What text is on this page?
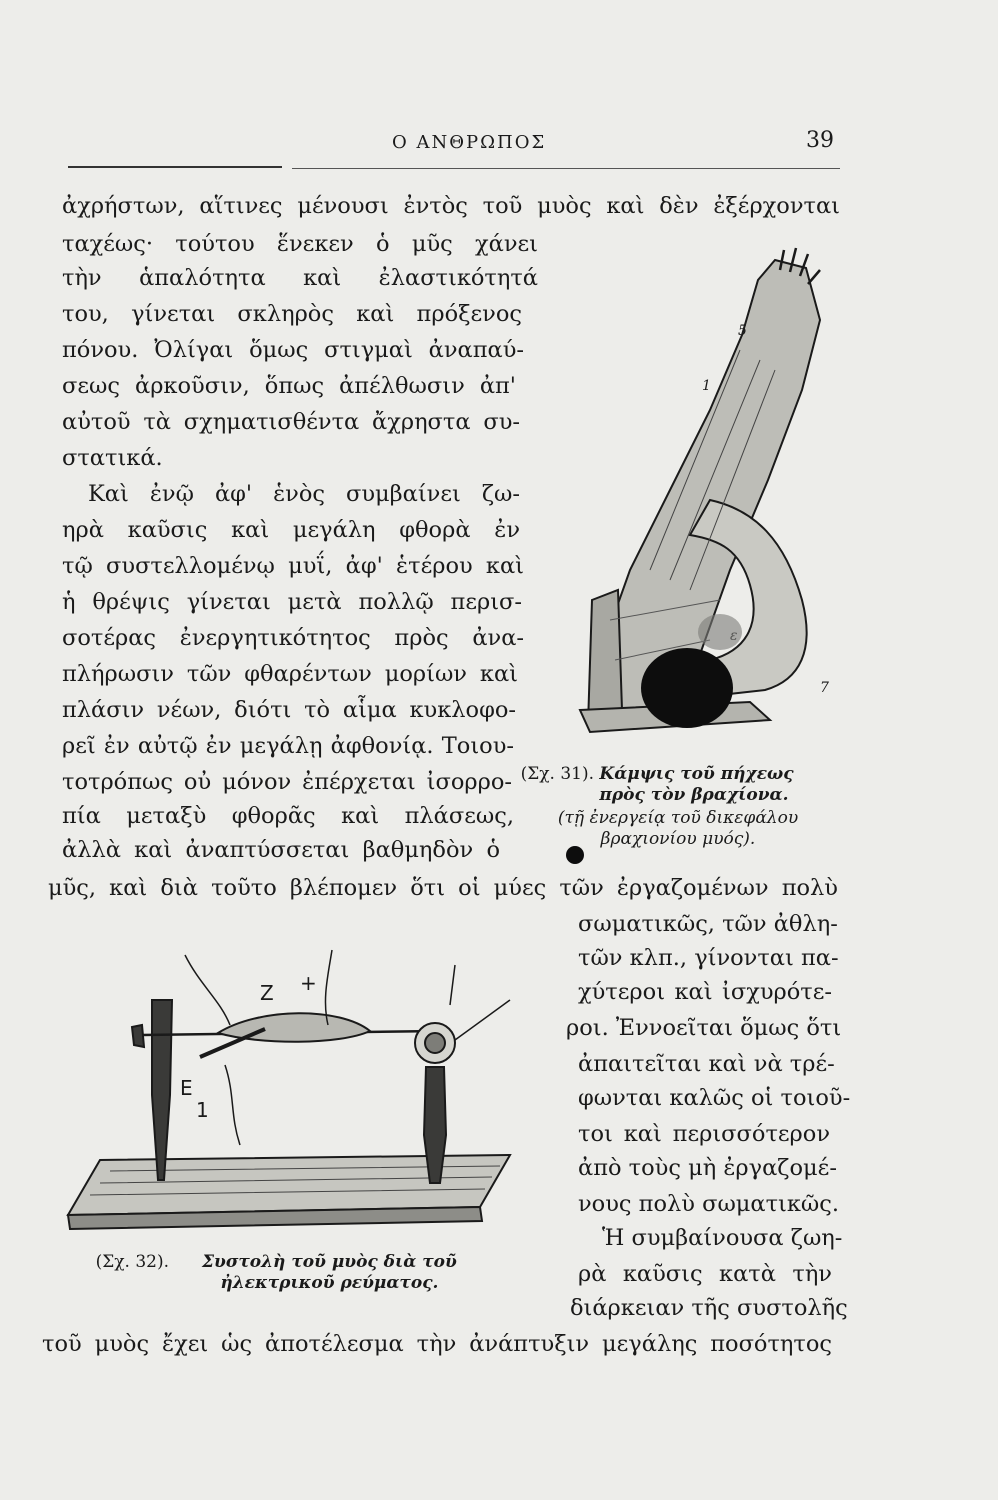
Ο ΑΝΘΡΩΠΟΣ	39
ἀχρήστων, αἵτινες μένουσι ἐντὸς τοῦ μυὸς καὶ δὲν ἐξέρχονται
ταχέως· τούτου ἕνεκεν ὁ μῦς χάνει
τὴν ἁπαλότητα καὶ ἐλαστικότητά
του, γίνεται σκληρὸς καὶ πρόξενος
πόνου. Ὀλίγαι ὅμως στιγμαὶ ἀναπαύ-
σεως ἀρκοῦσιν, ὅπως ἀπέλθωσιν ἀπ'
αὐτοῦ τὰ σχηματισθέντα ἄχρηστα συ-
στατικά.
Καὶ ἐνῷ ἀφ' ἑνὸς συμβαίνει ζω-
ηρὰ καῦσις καὶ μεγάλη φθορὰ ἐν
τῷ συστελλομένῳ μυΐ, ἀφ' ἑτέρου καὶ
ἡ θρέψις γίνεται μετὰ πολλῷ περισ-
σοτέρας ἐνεργητικότητος πρὸς ἀνα-
πλήρωσιν τῶν φθαρέντων μορίων καὶ
πλάσιν νέων, διότι τὸ αἷμα κυκλοφο-
ρεῖ ἐν αὐτῷ ἐν μεγάλῃ ἀφθονίᾳ. Τοιου-
τοτρόπως οὐ μόνον ἐπέρχεται ἰσορρο-
πία μεταξὺ φθορᾶς καὶ πλάσεως,
ἀλλὰ καὶ ἀναπτύσσεται βαθμηδὸν ὁ
μῦς, καὶ διὰ τοῦτο βλέπομεν ὅτι οἱ μύες τῶν ἐργαζομένων πολὺ
σωματικῶς, τῶν ἀθλη-
τῶν κλπ., γίνονται πα-
χύτεροι καὶ ἰσχυρότε-
ροι. Ἐννοεῖται ὅμως ὅτι
ἀπαιτεῖται καὶ νὰ τρέ-
φωνται καλῶς οἱ τοιοῦ-
τοι καὶ περισσότερον
ἀπὸ τοὺς μὴ ἐργαζομέ-
νους πολὺ σωματικῶς.
Ἡ συμβαίνουσα ζωη-
ρὰ καῦσις κατὰ τὴν
διάρκειαν τῆς συστολῆς
τοῦ μυὸς ἔχει ὡς ἀποτέλεσμα τὴν ἀνάπτυξιν μεγάλης ποσότητος
5
1
7
(Σχ. 31). Κάμψις τοῦ πήχεως πρὸς τὸν βραχίονα.
(τῇ ἐνεργείᾳ τοῦ δικεφάλου βραχιονίου μυός).
Z +
E
1
(Σχ. 32). Συστολὴ τοῦ μυὸς διὰ τοῦ ἠλεκτρικοῦ ρεύματος.
